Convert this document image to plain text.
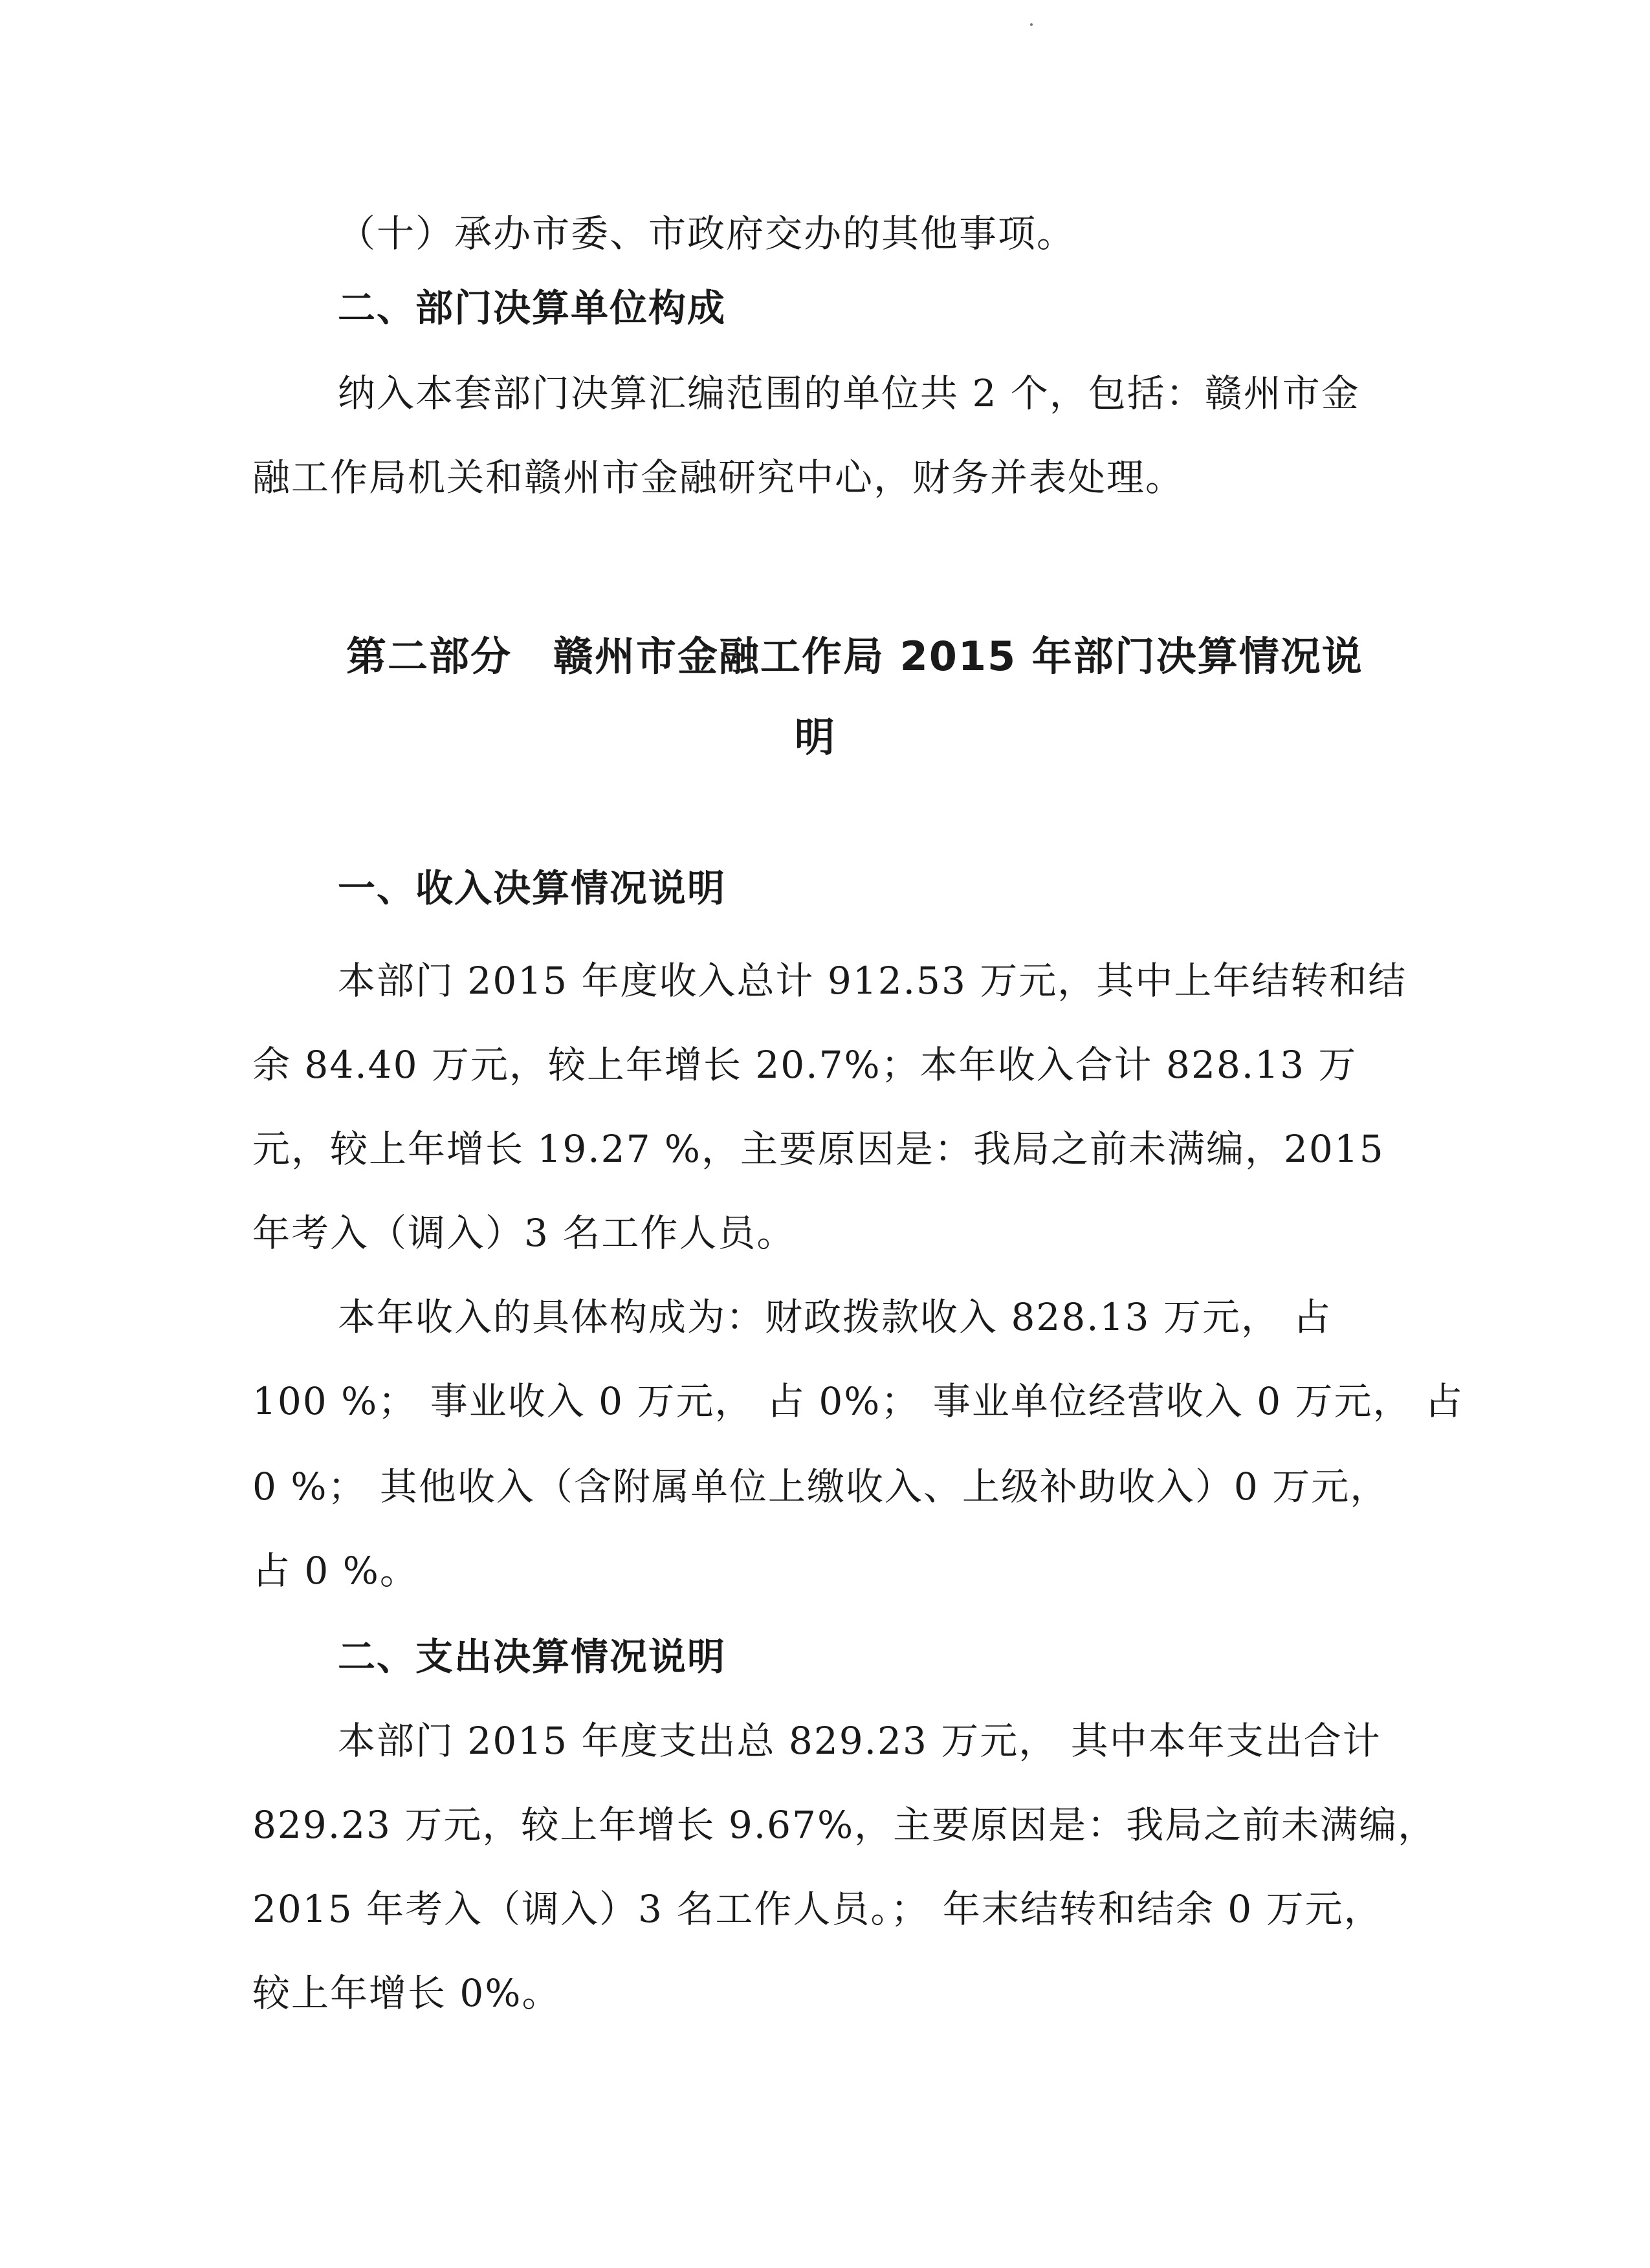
（十）承办市委、市政府交办的其他事项。
二、部门决算单位构成
纳入本套部门决算汇编范围的单位共 2 个，包括：赣州市金
融工作局机关和赣州市金融研究中心，财务并表处理。
第二部分　赣州市金融工作局 2015 年部门决算情况说
明
一、收入决算情况说明
本部门 2015 年度收入总计 912.53 万元，其中上年结转和结
余 84.40 万元，较上年增长 20.7%；本年收入合计 828.13 万
元，较上年增长 19.27 %，主要原因是：我局之前未满编，2015
年考入（调入）3 名工作人员。
本年收入的具体构成为：财政拨款收入 828.13 万元， 占
100 %； 事业收入 0 万元， 占 0%； 事业单位经营收入 0 万元， 占
0 %； 其他收入（含附属单位上缴收入、上级补助收入）0 万元，
占 0 %。
二、支出决算情况说明
本部门 2015 年度支出总 829.23 万元， 其中本年支出合计
829.23 万元，较上年增长 9.67%，主要原因是：我局之前未满编，
2015 年考入（调入）3 名工作人员。； 年末结转和结余 0 万元，
较上年增长 0%。
